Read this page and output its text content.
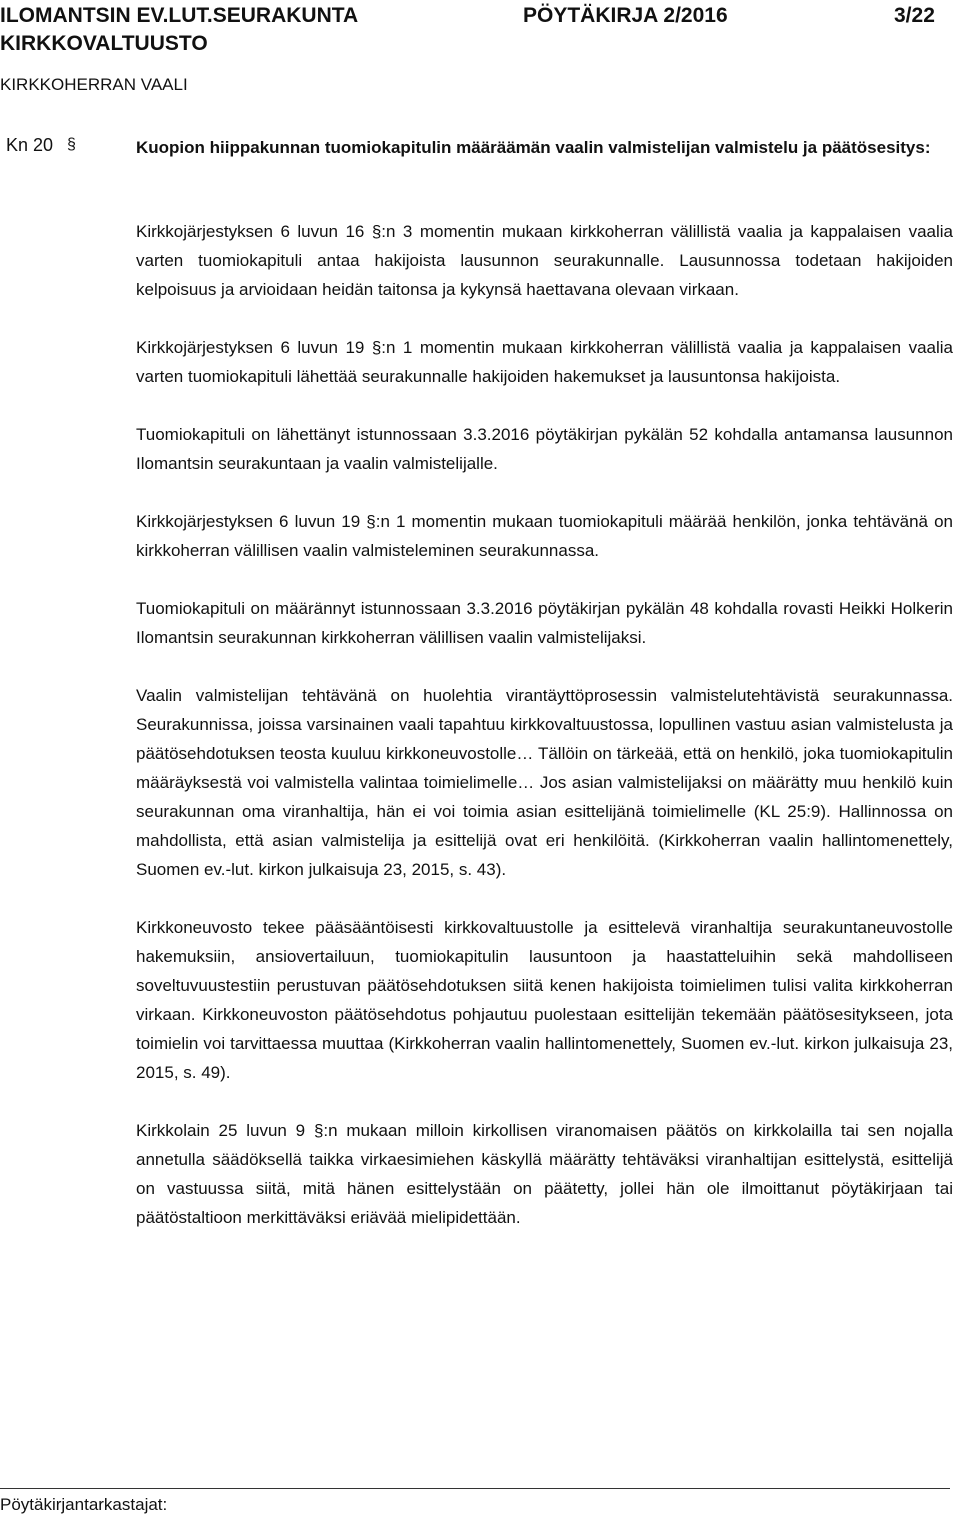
ILOMANTSIN EV.LUT.SEURAKUNTA	PÖYTÄKIRJA 2/2016	3/22
KIRKKOVALTUUSTO
KIRKKOHERRAN VAALI
Kn 20 §	Kuopion hiippakunnan tuomiokapitulin määräämän vaalin valmistelijan valmistelu ja päätösesitys:

Kirkkojärjestyksen 6 luvun 16 §:n 3 momentin mukaan kirkkoherran välillistä vaalia ja kappalaisen vaalia varten tuomiokapituli antaa hakijoista lausunnon seurakunnalle. Lausunnossa todetaan hakijoiden kelpoisuus ja arvioidaan heidän taitonsa ja kykynsä haettavana olevaan virkaan.

Kirkkojärjestyksen 6 luvun 19 §:n 1 momentin mukaan kirkkoherran välillistä vaalia ja kappalaisen vaalia varten tuomiokapituli lähettää seurakunnalle hakijoiden hakemukset ja lausuntonsa hakijoista.

Tuomiokapituli on lähettänyt istunnossaan 3.3.2016 pöytäkirjan pykälän 52 kohdalla antamansa lausunnon Ilomantsin seurakuntaan ja vaalin valmistelijalle.

Kirkkojärjestyksen 6 luvun 19 §:n 1 momentin mukaan tuomiokapituli määrää henkilön, jonka tehtävänä on kirkkoherran välillisen vaalin valmisteleminen seurakunnassa.

Tuomiokapituli on määrännyt istunnossaan 3.3.2016 pöytäkirjan pykälän 48 kohdalla rovasti Heikki Holkerin Ilomantsin seurakunnan kirkkoherran välillisen vaalin valmistelijaksi.

Vaalin valmistelijan tehtävänä on huolehtia virantäyttöprosessin valmistelutehtävistä seurakunnassa. Seurakunnissa, joissa varsinainen vaali tapahtuu kirkkovaltuustossa, lopullinen vastuu asian valmistelusta ja päätösehdotuksen teosta kuuluu kirkkoneuvostolle… Tällöin on tärkeää, että on henkilö, joka tuomiokapitulin määräyksestä voi valmistella valintaa toimielimelle… Jos asian valmistelijaksi on määrätty muu henkilö kuin seurakunnan oma viranhaltija, hän ei voi toimia asian esittelijänä toimielimelle (KL 25:9). Hallinnossa on mahdollista, että asian valmistelija ja esittelijä ovat eri henkilöitä. (Kirkkoherran vaalin hallintomenettely, Suomen ev.-lut. kirkon julkaisuja 23, 2015, s. 43).

Kirkkoneuvosto tekee pääsääntöisesti kirkkovaltuustolle ja esittelevä viranhaltija seurakuntaneuvostolle hakemuksiin, ansiovertailuun, tuomiokapitulin lausuntoon ja haastatteluihin sekä mahdolliseen soveltuvuustestiin perustuvan päätösehdotuksen siitä kenen hakijoista toimielimen tulisi valita kirkkoherran virkaan. Kirkkoneuvoston päätösehdotus pohjautuu puolestaan esittelijän tekemään päätösesitykseen, jota toimielin voi tarvittaessa muuttaa (Kirkkoherran vaalin hallintomenettely, Suomen ev.-lut. kirkon julkaisuja 23, 2015, s. 49).

Kirkkolain 25 luvun 9 §:n mukaan milloin kirkollisen viranomaisen päätös on kirkkolailla tai sen nojalla annetulla säädöksellä taikka virkaesimiehen käskyllä määrätty tehtäväksi viranhaltijan esittelystä, esittelijä on vastuussa siitä, mitä hänen esittelystään on päätetty, jollei hän ole ilmoittanut pöytäkirjaan tai päätöstaltioon merkittäväksi eriävää mielipidettään.

Pöytäkirjantarkastajat:
